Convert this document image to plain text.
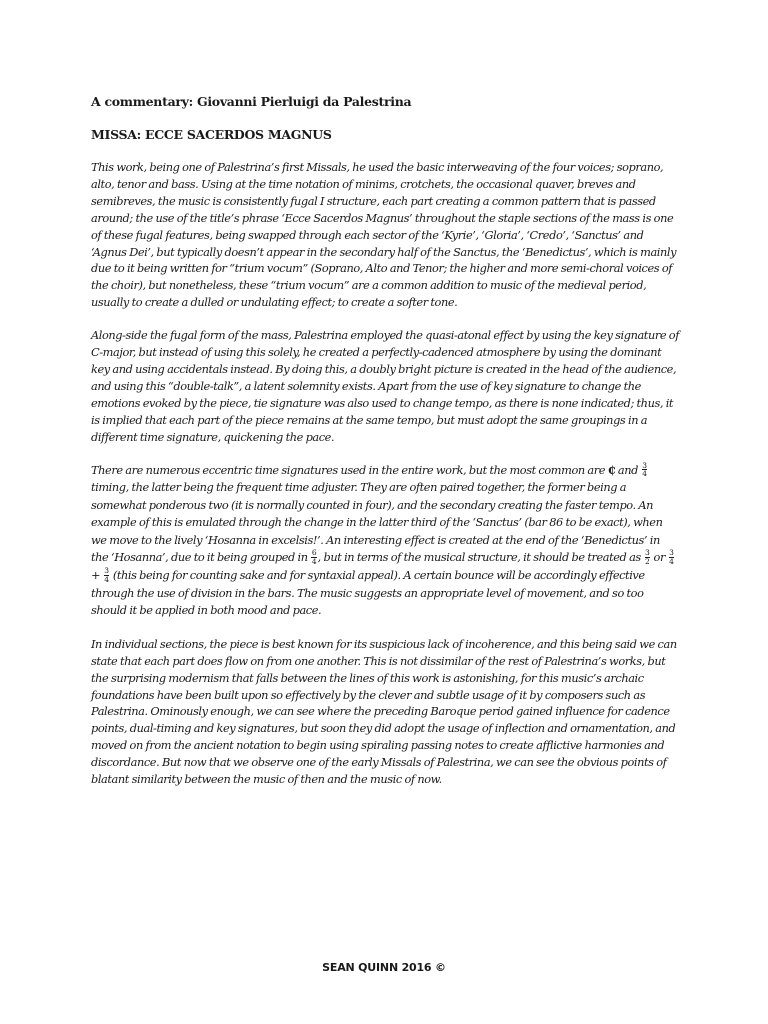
A commentary: Giovanni Pierluigi da Palestrina

MISSA: ECCE SACERDOS MAGNUS

This work, being one of Palestrina’s first Missals, he used the basic interweaving of the four voices; soprano, alto, tenor and bass. Using at the time notation of minims, crotchets, the occasional quaver, breves and semibreves, the music is consistently fugal I structure, each part creating a common pattern that is passed around; the use of the title’s phrase ‘Ecce Sacerdos Magnus’ throughout the staple sections of the mass is one of these fugal features, being swapped through each sector of the ‘Kyrie’, ‘Gloria’, ‘Credo’, ‘Sanctus’ and ‘Agnus Dei’, but typically doesn’t appear in the secondary half of the Sanctus, the ‘Benedictus’, which is mainly due to it being written for “trium vocum” (Soprano, Alto and Tenor; the higher and more semi-choral voices of the choir), but nonetheless, these “trium vocum” are a common addition to music of the medieval period, usually to create a dulled or undulating effect; to create a softer tone.

Along-side the fugal form of the mass, Palestrina employed the quasi-atonal effect by using the key signature of C-major, but instead of using this solely, he created a perfectly-cadenced atmosphere by using the dominant key and using accidentals instead. By doing this, a doubly bright picture is created in the head of the audience, and using this “double-talk”, a latent solemnity exists. Apart from the use of key signature to change the emotions evoked by the piece, tie signature was also used to change tempo, as there is none indicated; thus, it is implied that each part of the piece remains at the same tempo, but must adopt the same groupings in a different time signature, quickening the pace.

There are numerous eccentric time signatures used in the entire work, but the most common are ₵ and $\frac{3}{4}$
timing, the latter being the frequent time adjuster. They are often paired together, the former being a somewhat ponderous two (it is normally counted in four), and the secondary creating the faster tempo. An example of this is emulated through the change in the latter third of the ‘Sanctus’ (bar 86 to be exact), when we move to the lively ‘Hosanna in excelsis!’. An interesting effect is created at the end of the ‘Benedictus’ in the ‘Hosanna’, due to it being grouped in $\frac{6}{4}$ , but in terms of the musical structure, it should be treated as $\frac{3}{2}$ or $\frac{3}{4}$
+ $\frac{3}{4}$ (this being for counting sake and for syntaxial appeal). A certain bounce will be accordingly effective through the use of division in the bars. The music suggests an appropriate level of movement, and so too should it be applied in both mood and pace.

In individual sections, the piece is best known for its suspicious lack of incoherence, and this being said we can state that each part does flow on from one another. This is not dissimilar of the rest of Palestrina’s works, but the surprising modernism that falls between the lines of this work is astonishing, for this music’s archaic foundations have been built upon so effectively by the clever and subtle usage of it by composers such as Palestrina. Ominously enough, we can see where the preceding Baroque period gained influence for cadence points, dual-timing and key signatures, but soon they did adopt the usage of inflection and ornamentation, and moved on from the ancient notation to begin using spiraling passing notes to create afflictive harmonies and discordance. But now that we observe one of the early Missals of Palestrina, we can see the obvious points of blatant similarity between the music of then and the music of now.

SEAN QUINN 2016 ©
